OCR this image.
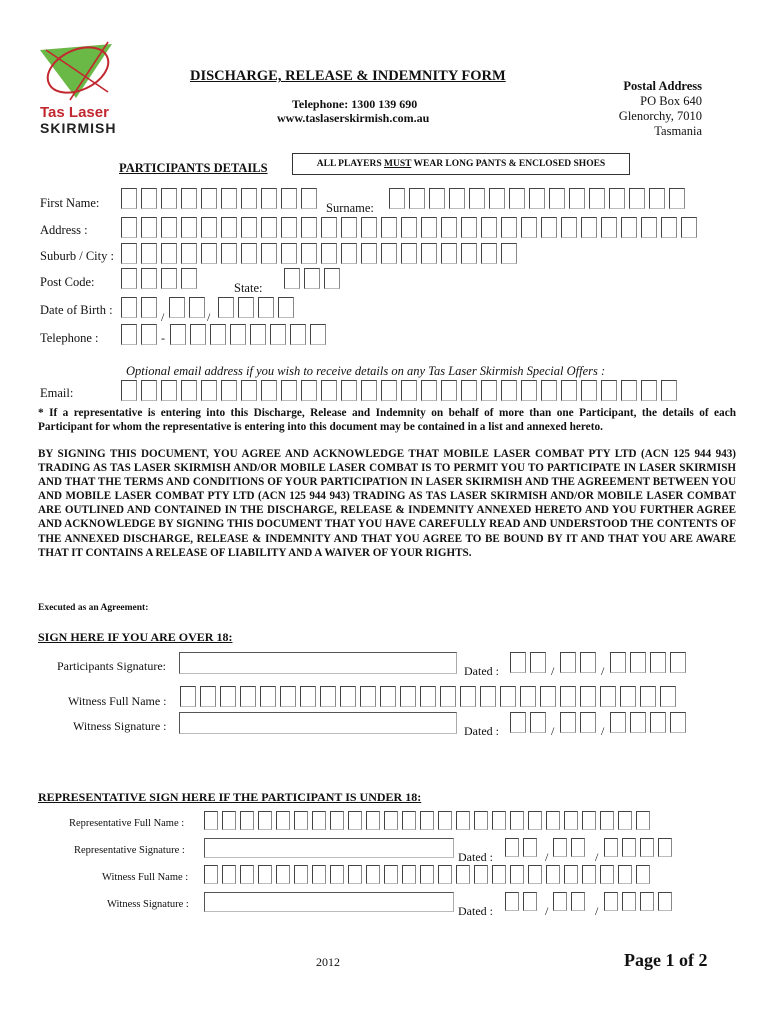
Tas Laser
SKIRMISH
DISCHARGE, RELEASE & INDEMNITY FORM
Telephone: 1300 139 690
www.taslaserskirmish.com.au
Postal Address
PO Box 640
Glenorchy, 7010
Tasmania
PARTICIPANTS DETAILS	ALL PLAYERS MUST WEAR LONG PANTS & ENCLOSED SHOES
First Name:	Surname:
Address :
Suburb / City :
Post Code:	State:
Date of Birth :	/	/
Telephone :	-
Optional email address if you wish to receive details on any Tas Laser Skirmish Special Offers :
Email:
* If a representative is entering into this Discharge, Release and Indemnity on behalf of more than one Participant, the details of each Participant for whom the representative is entering into this document may be contained in a list and annexed hereto.
BY SIGNING THIS DOCUMENT, YOU AGREE AND ACKNOWLEDGE THAT MOBILE LASER COMBAT PTY LTD (ACN 125 944 943) TRADING AS TAS LASER SKIRMISH AND/OR MOBILE LASER COMBAT IS TO PERMIT YOU TO PARTICIPATE IN LASER SKIRMISH AND THAT THE TERMS AND CONDITIONS OF YOUR PARTICIPATION IN LASER SKIRMISH AND THE AGREEMENT BETWEEN YOU AND MOBILE LASER COMBAT PTY LTD (ACN 125 944 943) TRADING AS TAS LASER SKIRMISH AND/OR MOBILE LASER COMBAT ARE OUTLINED AND CONTAINED IN THE DISCHARGE, RELEASE & INDEMNITY ANNEXED HERETO AND YOU FURTHER AGREE AND ACKNOWLEDGE BY SIGNING THIS DOCUMENT THAT YOU HAVE CAREFULLY READ AND UNDERSTOOD THE CONTENTS OF THE ANNEXED DISCHARGE, RELEASE & INDEMNITY AND THAT YOU AGREE TO BE BOUND BY IT AND THAT YOU ARE AWARE THAT IT CONTAINS A RELEASE OF LIABILITY AND A WAIVER OF YOUR RIGHTS.
Executed as an Agreement:
SIGN HERE IF YOU ARE OVER 18:
Participants Signature:	Dated :	/	/
Witness Full Name :
Witness Signature :	Dated :	/	/
REPRESENTATIVE SIGN HERE IF THE PARTICIPANT IS UNDER 18:
Representative Full Name :
Representative Signature :	Dated :	/	/
Witness Full Name :
Witness Signature :	Dated :	/	/
2012	Page 1 of 2
